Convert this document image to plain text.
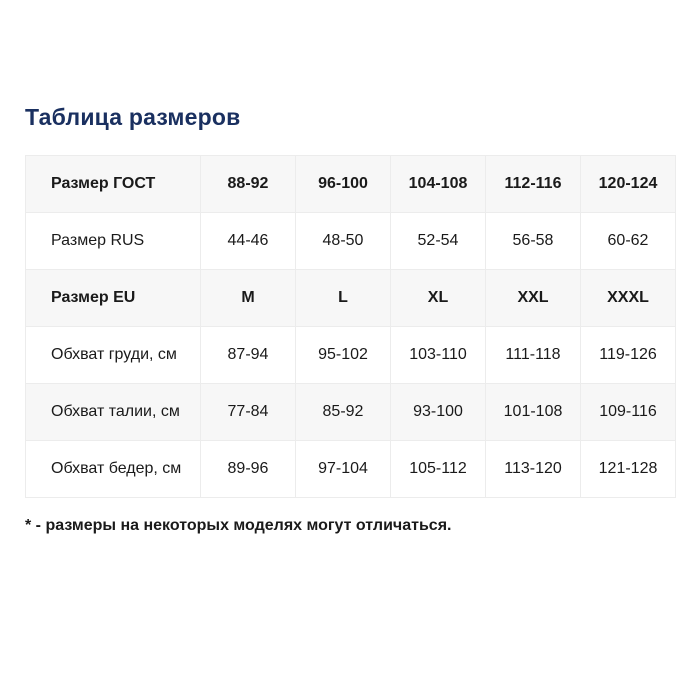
Таблица размеров
Размер ГОСТ	88-92	96-100	104-108	112-116	120-124
Размер RUS	44-46	48-50	52-54	56-58	60-62
Размер EU	M	L	XL	XXL	XXXL
Обхват груди, см	87-94	95-102	103-110	111-118	119-126
Обхват талии, см	77-84	85-92	93-100	101-108	109-116
Обхват бедер, см	89-96	97-104	105-112	113-120	121-128
* - размеры на некоторых моделях могут отличаться.
